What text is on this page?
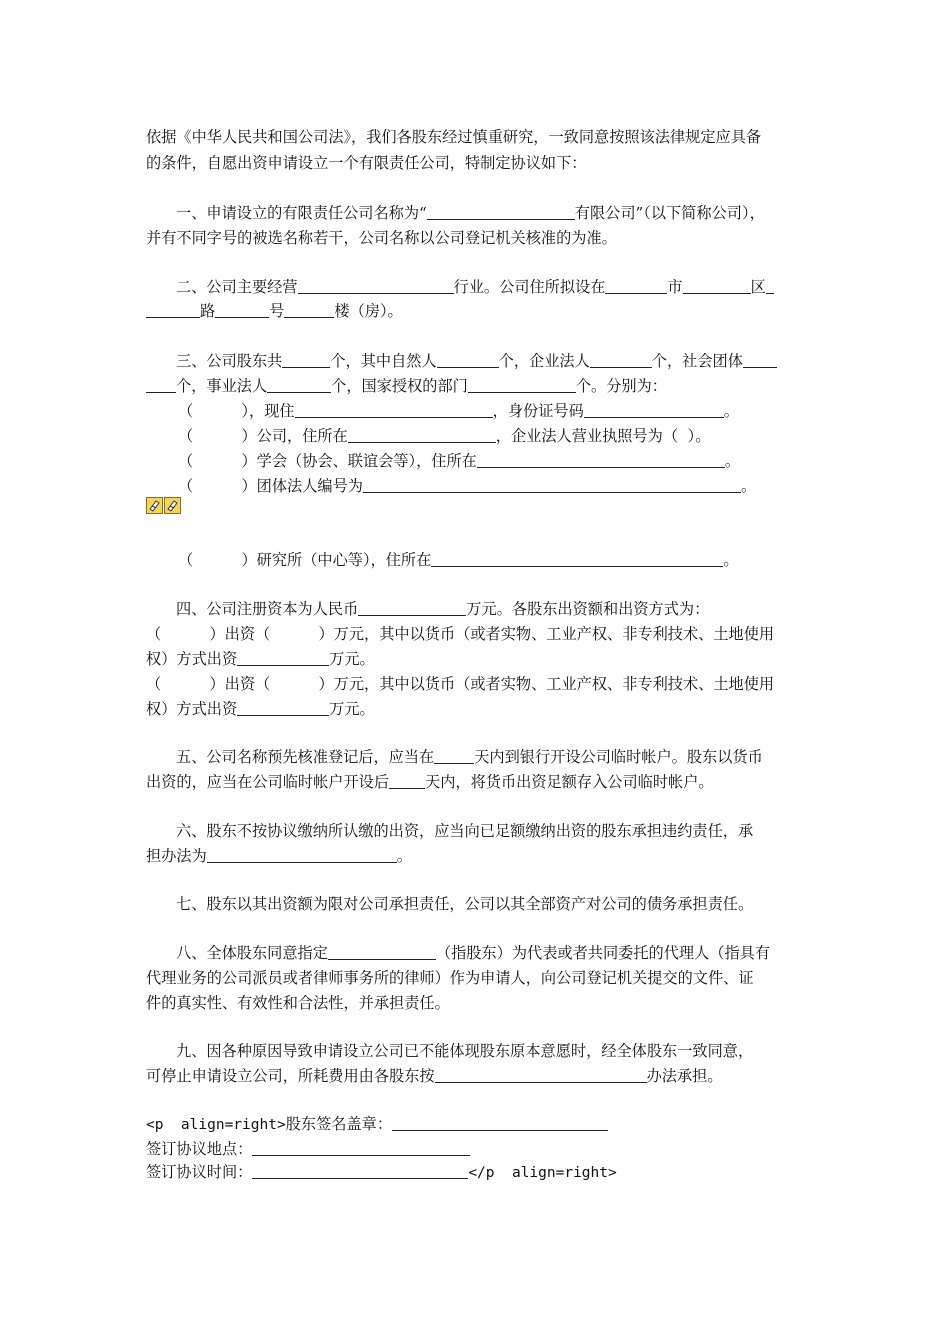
依据《中华人民共和国公司法》，我们各股东经过慎重研究，一致同意按照该法律规定应具备
的条件，自愿出资申请设立一个有限责任公司，特制定协议如下：
一、申请设立的有限责任公司名称为“	有限公司”（以下简称公司），
并有不同字号的被选名称若干，公司名称以公司登记机关核准的为准。
二、公司主要经营	行业。公司住所拟设在	市	区
路	号	楼（房）。
三、公司股东共	个，其中自然人	个，企业法人	个，社会团体
个，事业法人	个，国家授权的部门	个。分别为：
（          ），现住	，身份证号码	。
（          ）公司，住所在	，企业法人营业执照号为（  ）。
（          ）学会（协会、联谊会等），住所在	。
（          ）团体法人编号为	。
（          ）研究所（中心等），住所在	。
四、公司注册资本为人民币	万元。各股东出资额和出资方式为：
（          ）出资（          ）万元，其中以货币（或者实物、工业产权、非专利技术、土地使用
权）方式出资	万元。
（          ）出资（          ）万元，其中以货币（或者实物、工业产权、非专利技术、土地使用
权）方式出资	万元。
五、公司名称预先核准登记后，应当在	天内到银行开设公司临时帐户。股东以货币
出资的，应当在公司临时帐户开设后 天内，将货币出资足额存入公司临时帐户。
六、股东不按协议缴纳所认缴的出资，应当向已足额缴纳出资的股东承担违约责任，承
担办法为	。
七、股东以其出资额为限对公司承担责任，公司以其全部资产对公司的债务承担责任。
八、全体股东同意指定	（指股东）为代表或者共同委托的代理人（指具有
代理业务的公司派员或者律师事务所的律师）作为申请人，向公司登记机关提交的文件、证
件的真实性、有效性和合法性，并承担责任。
九、因各种原因导致申请设立公司已不能体现股东原本意愿时，经全体股东一致同意，
可停止申请设立公司，所耗费用由各股东按	办法承担。
<p  align=right>股东签名盖章：
签订协议地点：
签订协议时间：	</p  align=right>
